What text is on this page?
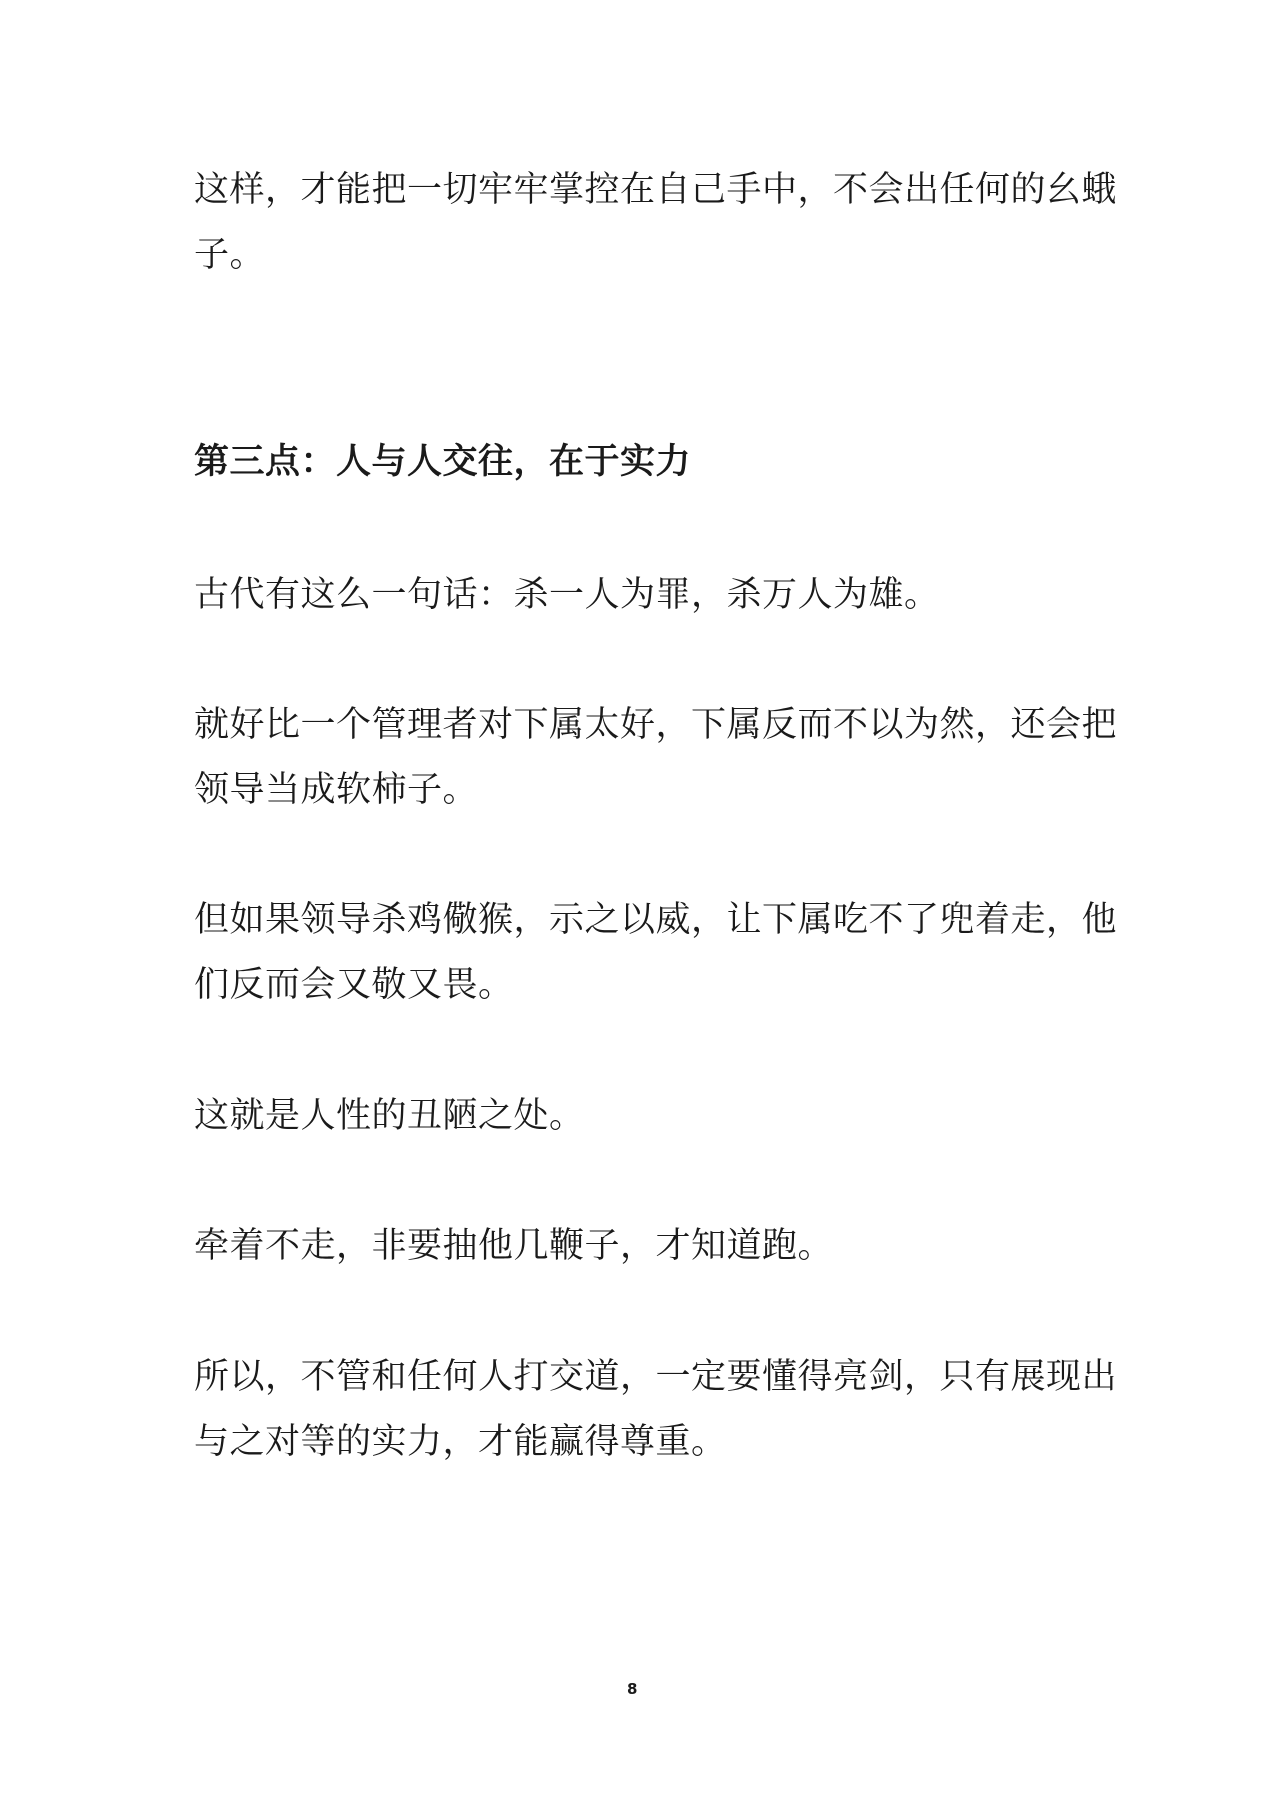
这样，才能把一切牢牢掌控在自己手中，不会出任何的幺蛾
子。
第三点：人与人交往，在于实力
古代有这么一句话：杀一人为罪，杀万人为雄。
就好比一个管理者对下属太好，下属反而不以为然，还会把
领导当成软柿子。
但如果领导杀鸡儆猴，示之以威，让下属吃不了兜着走，他
们反而会又敬又畏。
这就是人性的丑陋之处。
牵着不走，非要抽他几鞭子，才知道跑。
所以，不管和任何人打交道，一定要懂得亮剑，只有展现出
与之对等的实力，才能赢得尊重。
8
